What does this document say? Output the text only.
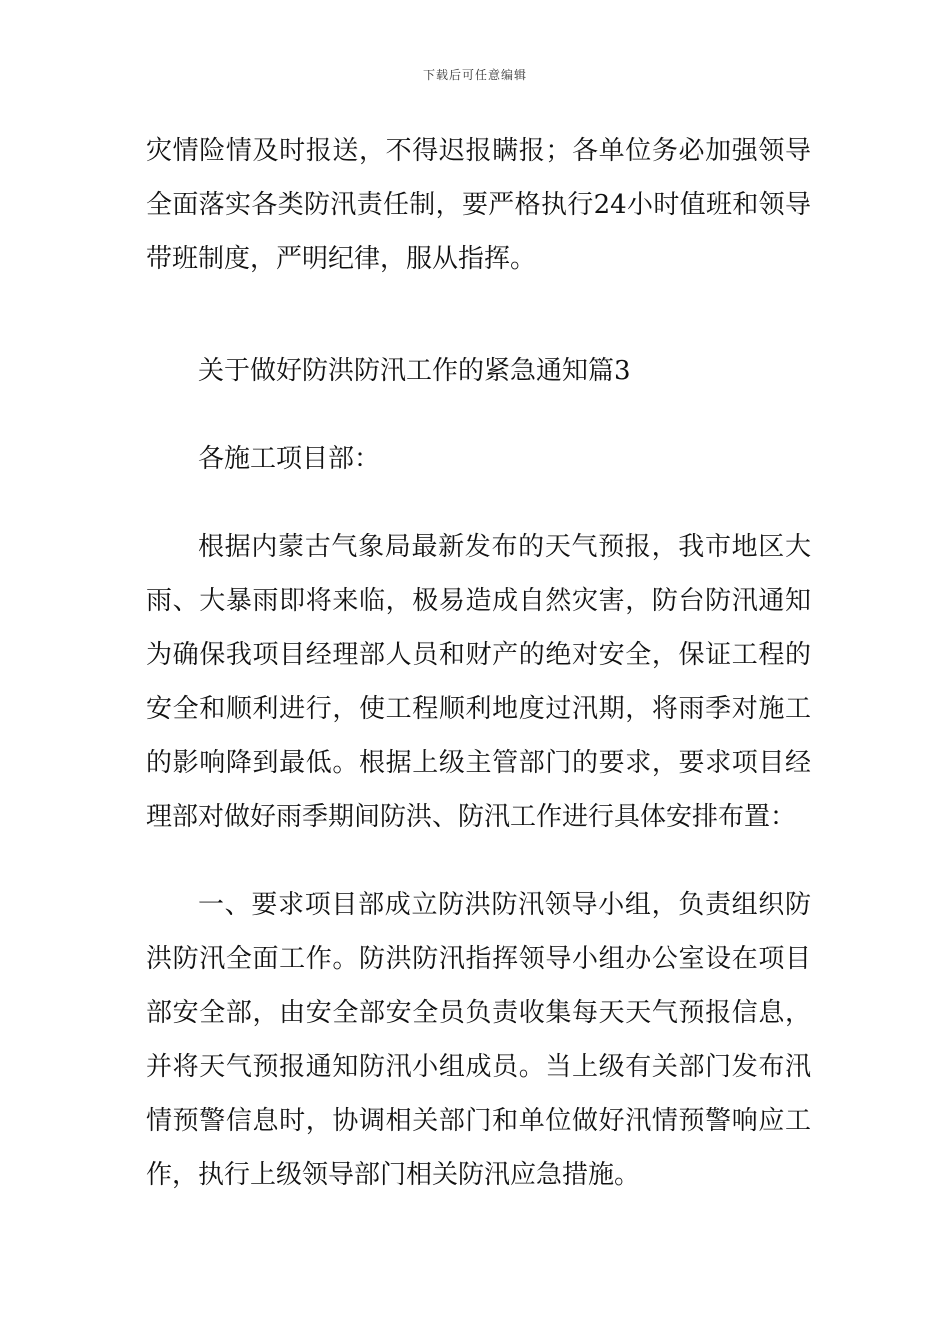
下载后可任意编辑

灾情险情及时报送，不得迟报瞒报；各单位务必加强领导全面落实各类防汛责任制，要严格执行24小时值班和领导带班制度，严明纪律，服从指挥。

关于做好防洪防汛工作的紧急通知篇3

各施工项目部：

根据内蒙古气象局最新发布的天气预报，我市地区大雨、大暴雨即将来临，极易造成自然灾害，防台防汛通知为确保我项目经理部人员和财产的绝对安全，保证工程的安全和顺利进行，使工程顺利地度过汛期，将雨季对施工的影响降到最低。根据上级主管部门的要求，要求项目经理部对做好雨季期间防洪、防汛工作进行具体安排布置：

一、要求项目部成立防洪防汛领导小组，负责组织防洪防汛全面工作。防洪防汛指挥领导小组办公室设在项目部安全部，由安全部安全员负责收集每天天气预报信息，并将天气预报通知防汛小组成员。当上级有关部门发布汛情预警信息时，协调相关部门和单位做好汛情预警响应工作，执行上级领导部门相关防汛应急措施。
